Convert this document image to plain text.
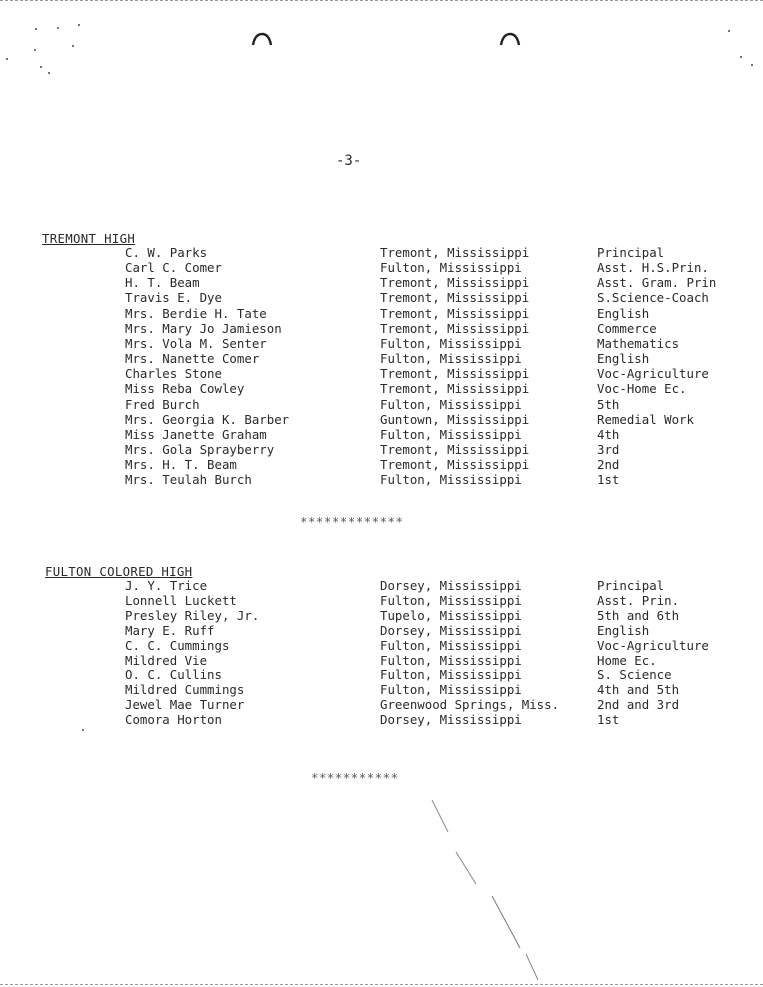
-3-
TREMONT HIGH
C. W. Parks	Tremont, Mississippi	Principal
Carl C. Comer	Fulton, Mississippi	Asst. H.S.Prin.
H. T. Beam	Tremont, Mississippi	Asst. Gram. Prin
Travis E. Dye	Tremont, Mississippi	S.Science-Coach
Mrs. Berdie H. Tate	Tremont, Mississippi	English
Mrs. Mary Jo Jamieson	Tremont, Mississippi	Commerce
Mrs. Vola M. Senter	Fulton, Mississippi	Mathematics
Mrs. Nanette Comer	Fulton, Mississippi	English
Charles Stone	Tremont, Mississippi	Voc-Agriculture
Miss Reba Cowley	Tremont, Mississippi	Voc-Home Ec.
Fred Burch	Fulton, Mississippi	5th
Mrs. Georgia K. Barber	Guntown, Mississippi	Remedial Work
Miss Janette Graham	Fulton, Mississippi	4th
Mrs. Gola Sprayberry	Tremont, Mississippi	3rd
Mrs. H. T. Beam	Tremont, Mississippi	2nd
Mrs. Teulah Burch	Fulton, Mississippi	1st
*************
FULTON COLORED HIGH
J. Y. Trice	Dorsey, Mississippi	Principal
Lonnell Luckett	Fulton, Mississippi	Asst. Prin.
Presley Riley, Jr.	Tupelo, Mississippi	5th and 6th
Mary E. Ruff	Dorsey, Mississippi	English
C. C. Cummings	Fulton, Mississippi	Voc-Agriculture
Mildred Vie	Fulton, Mississippi	Home Ec.
O. C. Cullins	Fulton, Mississippi	S. Science
Mildred Cummings	Fulton, Mississippi	4th and 5th
Jewel Mae Turner	Greenwood Springs, Miss.	2nd and 3rd
Comora Horton	Dorsey, Mississippi	1st
***********
